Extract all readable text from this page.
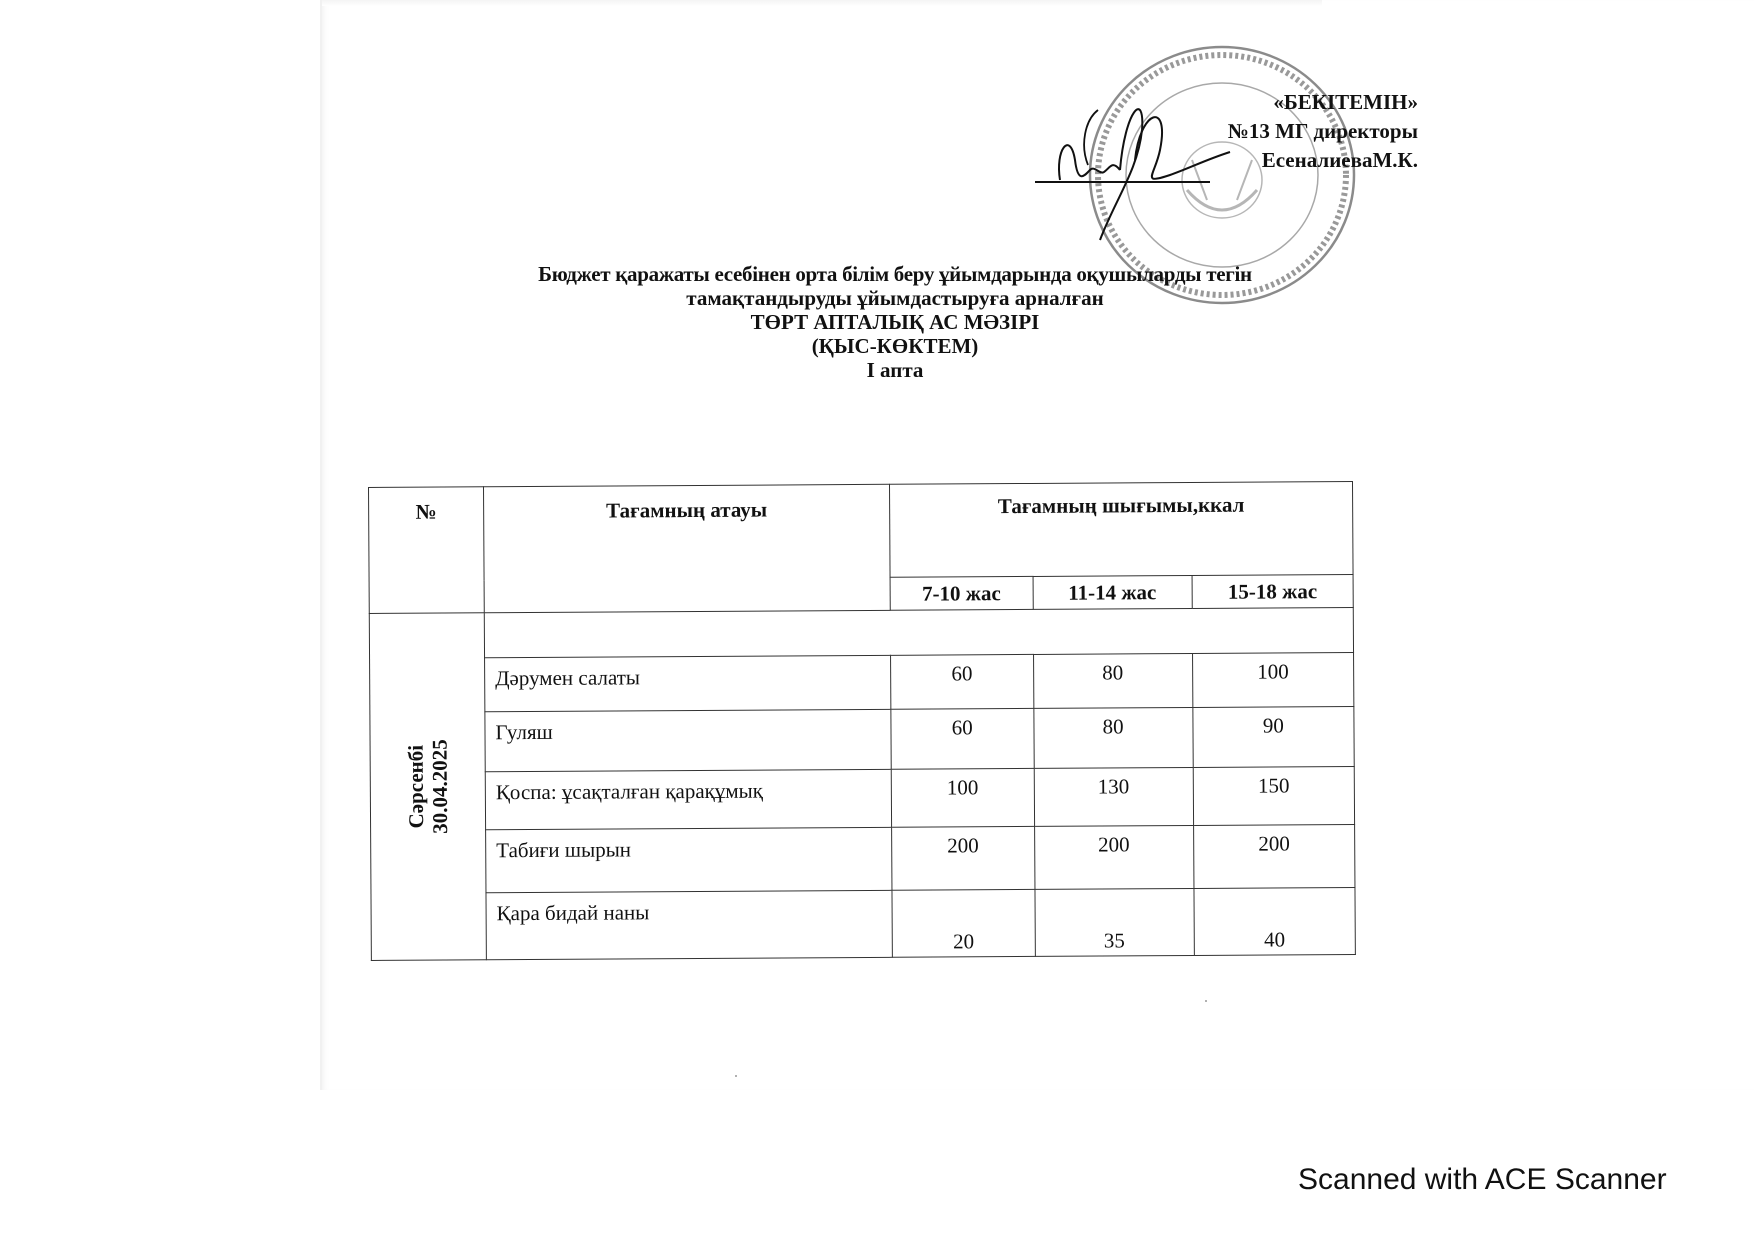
«БЕКІТЕМІН»
№13 МГ директоры
ЕсеналиеваМ.К.
Бюджет қаражаты есебінен орта білім беру ұйымдарында оқушыларды тегін
тамақтандыруды ұйымдастыруға арналған
ТӨРТ АПТАЛЫҚ АС МӘЗІРІ
(ҚЫС-КӨКТЕМ)
І апта
№	Тағамның атауы	Тағамның шығымы,ккал		
		7-10 жас	11-14 жас	15-18 жас

Сәрсенбі 30.04.2025				

	Дәрумен салаты	60	80	100
	Гуляш	60	80	90
	Қоспа: ұсақталған қарақұмық	100	130	150
	Табиғи шырын	200	200	200
	Қара бидай наны	20	35	40
Scanned with ACE Scanner
